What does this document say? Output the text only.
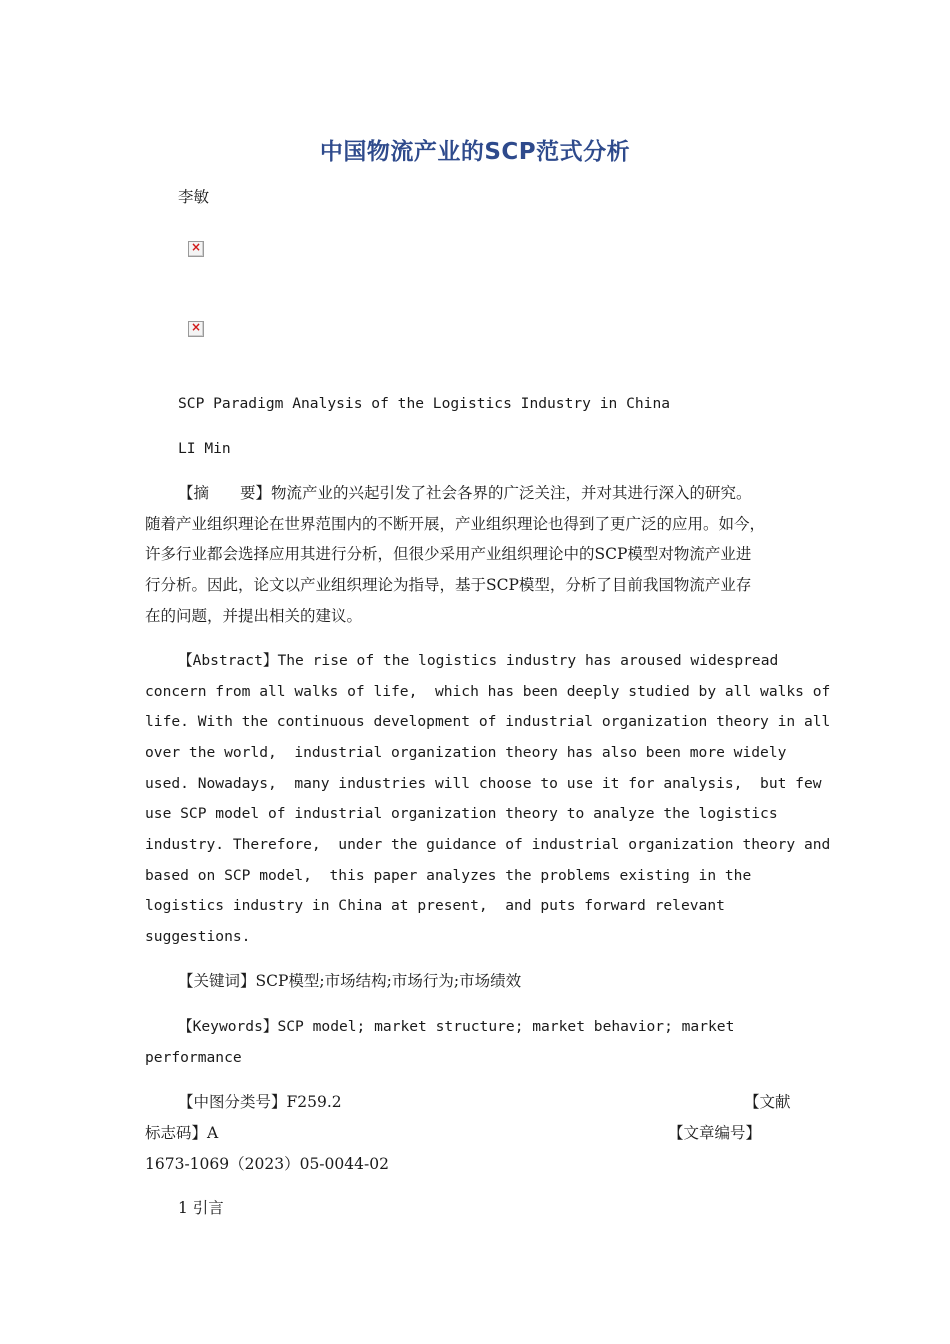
中国物流产业的SCP范式分析
李敏
×
×
SCP Paradigm Analysis of the Logistics Industry in China
LI Min
【摘　　要】物流产业的兴起引发了社会各界的广泛关注，并对其进行深入的研究。
随着产业组织理论在世界范围内的不断开展，产业组织理论也得到了更广泛的应用。如今，
许多行业都会选择应用其进行分析，但很少采用产业组织理论中的SCP模型对物流产业进
行分析。因此，论文以产业组织理论为指导，基于SCP模型，分析了目前我国物流产业存
在的问题，并提出相关的建议。
【Abstract】The rise of the logistics industry has aroused widespread
concern from all walks of life,  which has been deeply studied by all walks of
life. With the continuous development of industrial organization theory in all
over the world,  industrial organization theory has also been more widely
used. Nowadays,  many industries will choose to use it for analysis,  but few
use SCP model of industrial organization theory to analyze the logistics
industry. Therefore,  under the guidance of industrial organization theory and
based on SCP model,  this paper analyzes the problems existing in the
logistics industry in China at present,  and puts forward relevant
suggestions.
【关键词】SCP模型;市场结构;市场行为;市场绩效
【Keywords】SCP model; market structure; market behavior; market
performance
【中图分类号】F259.2	【文献
标志码】A	【文章编号】
1673-1069（2023）05-0044-02
1 引言
